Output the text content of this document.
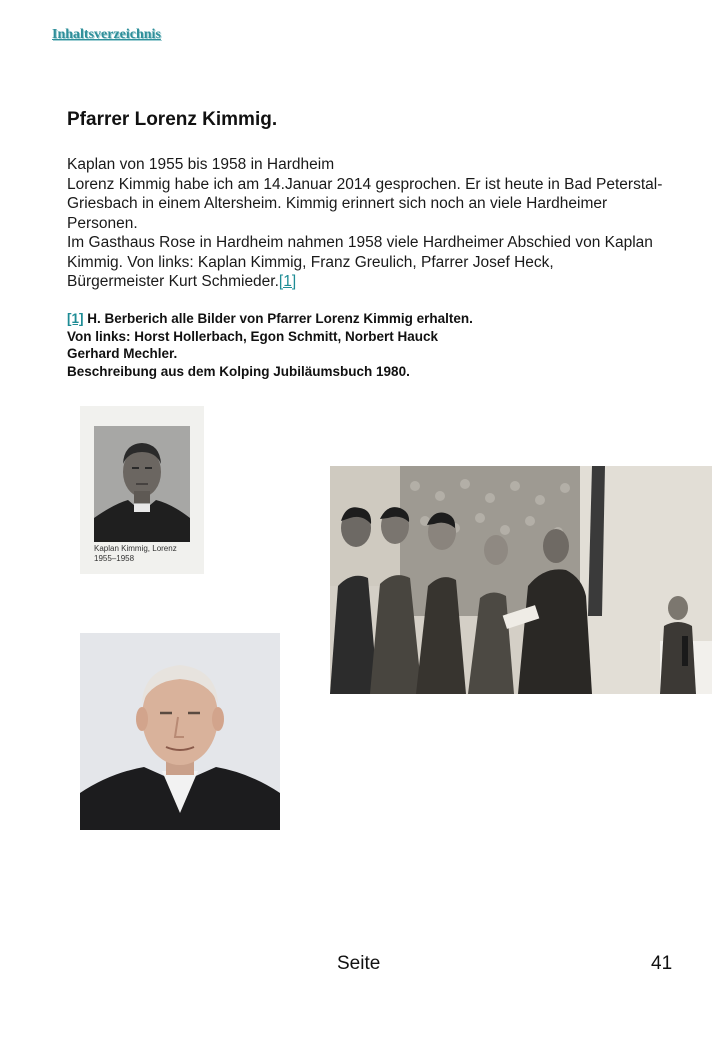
Inhaltsverzeichnis
Pfarrer Lorenz Kimmig.
Kaplan von 1955 bis 1958 in Hardheim
Lorenz Kimmig habe ich am 14.Januar 2014 gesprochen. Er ist heute in Bad Peterstal-
Griesbach in einem Altersheim. Kimmig erinnert sich noch an viele Hardheimer
Personen.
Im Gasthaus Rose in Hardheim nahmen 1958 viele Hardheimer Abschied von Kaplan
Kimmig. Von links: Kaplan Kimmig, Franz Greulich, Pfarrer Josef Heck,
Bürgermeister Kurt Schmieder.[1]
[1] H. Berberich alle Bilder von Pfarrer Lorenz Kimmig erhalten.
Von links: Horst Hollerbach, Egon Schmitt, Norbert Hauck
Gerhard Mechler.
Beschreibung aus dem Kolping Jubiläumsbuch 1980.
Kaplan Kimmig, Lorenz
1955–1958
Seite	41
